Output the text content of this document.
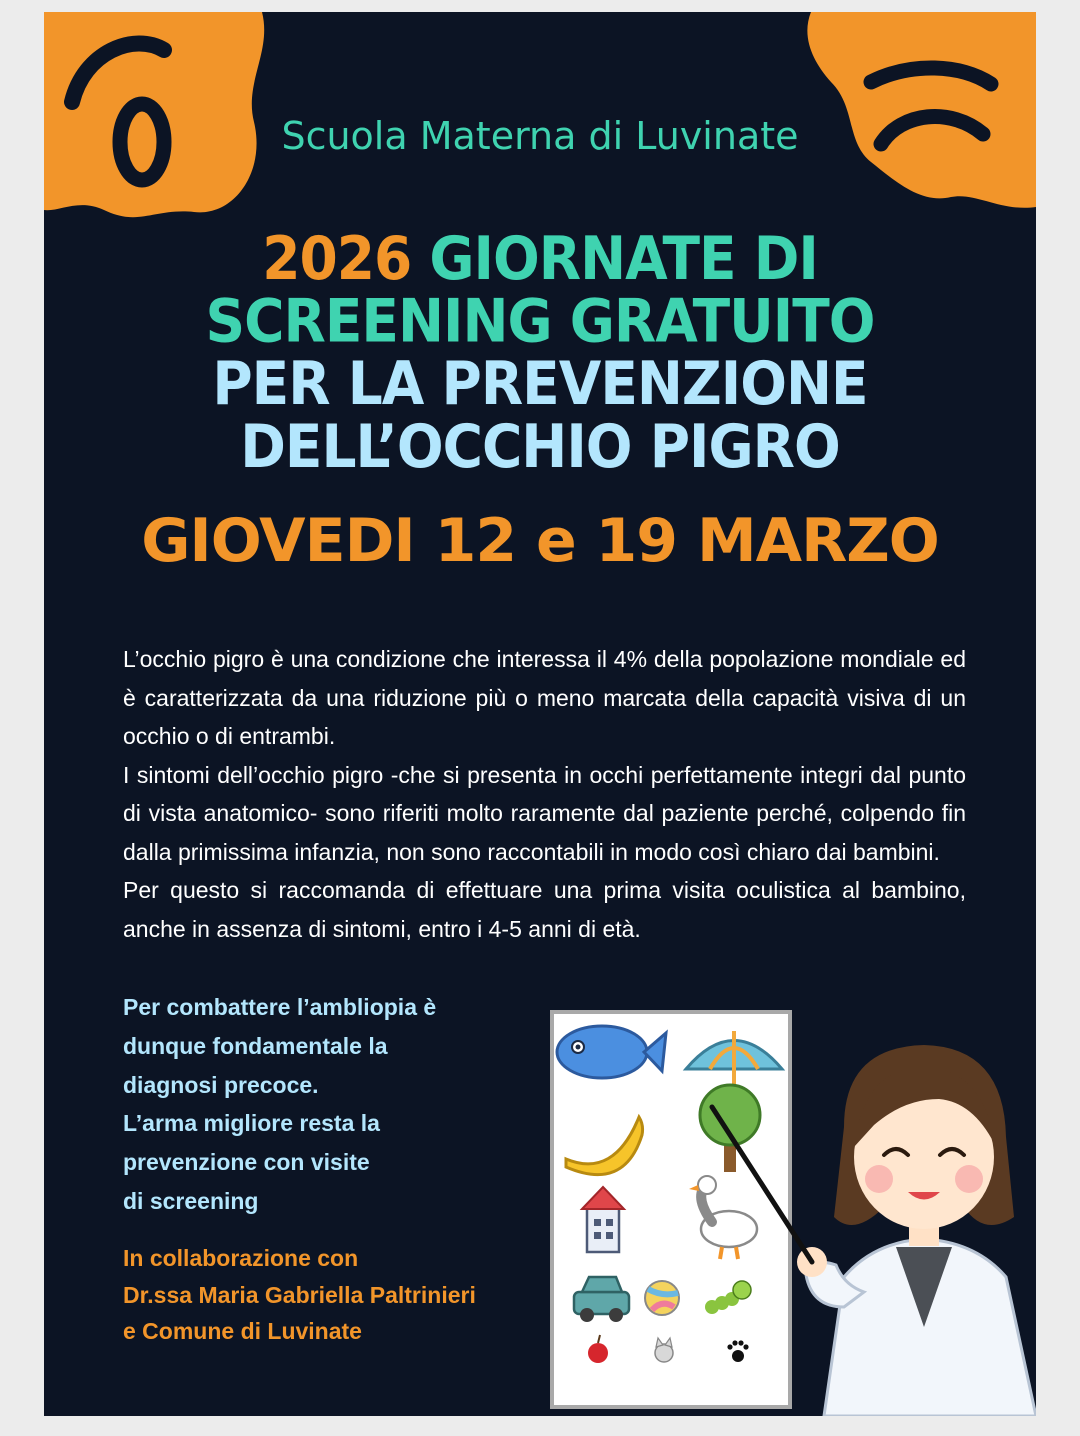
Scuola Materna di Luvinate
2026 GIORNATE DI
SCREENING GRATUITO
PER LA PREVENZIONE
DELL’OCCHIO PIGRO
GIOVEDI 12 e 19 MARZO

L’occhio pigro è una condizione che interessa il 4% della popolazione mondiale ed è caratterizzata da una riduzione più o meno marcata della capacità visiva di un occhio o di entrambi.

I sintomi dell’occhio pigro -che si presenta in occhi perfettamente integri dal punto di vista anatomico- sono riferiti molto raramente dal paziente perché, colpendo fin dalla primissima infanzia, non sono raccontabili in modo così chiaro dai bambini.

Per questo si raccomanda di effettuare una prima visita oculistica al bambino, anche in assenza di sintomi, entro i 4-5 anni di età.

Per combattere l’ambliopia è
dunque fondamentale la
diagnosi precoce.
L’arma migliore resta la
prevenzione con visite
di screening
In collaborazione con
Dr.ssa Maria Gabriella Paltrinieri
e Comune di Luvinate
